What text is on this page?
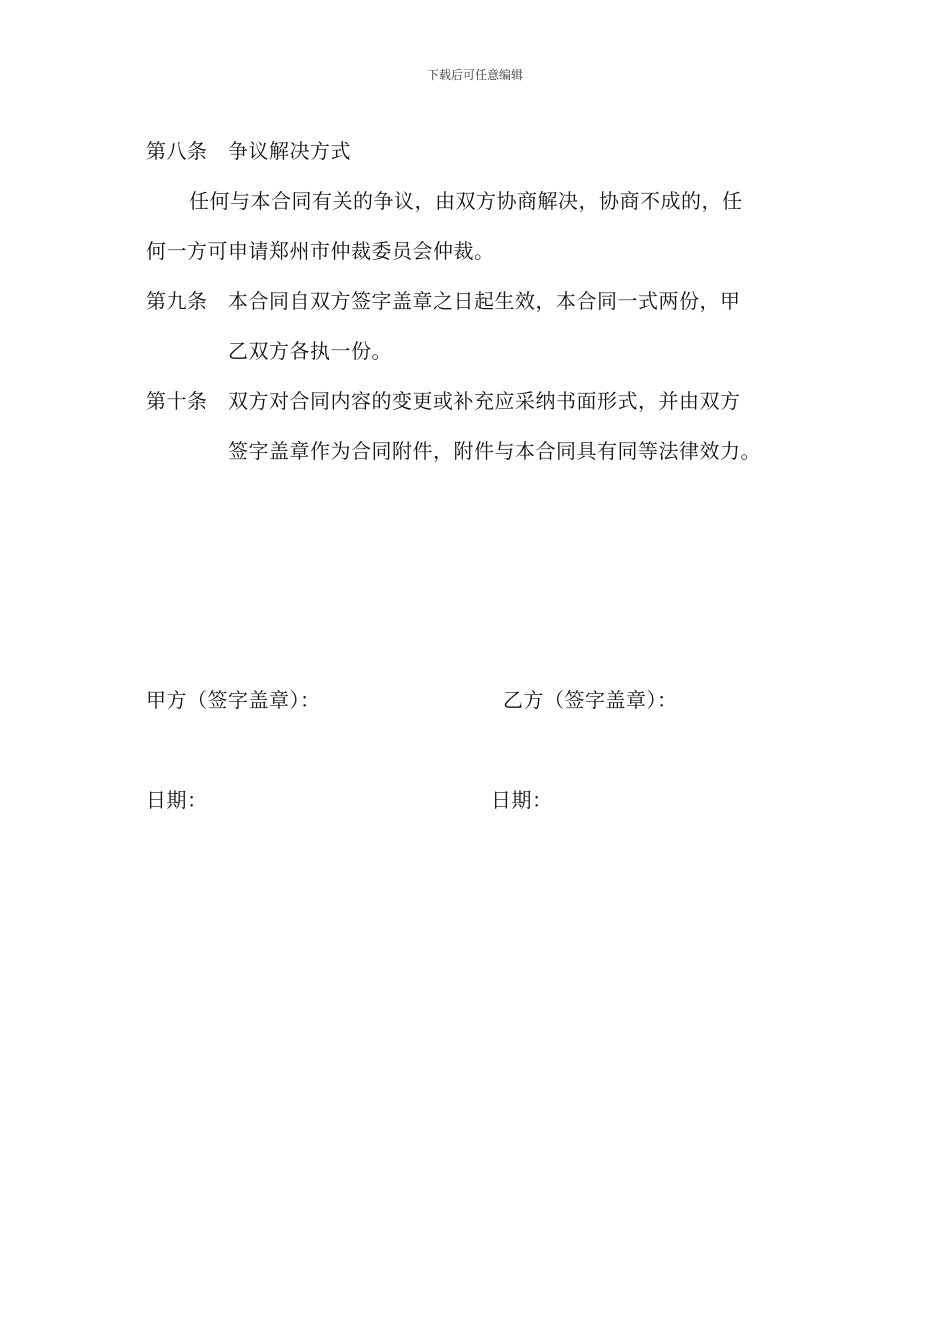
下载后可任意编辑
第八条 争议解决方式
任何与本合同有关的争议，由双方协商解决，协商不成的，任
何一方可申请郑州市仲裁委员会仲裁。
第九条 本合同自双方签字盖章之日起生效，本合同一式两份，甲
乙双方各执一份。
第十条 双方对合同内容的变更或补充应采纳书面形式，并由双方
签字盖章作为合同附件，附件与本合同具有同等法律效力。
甲方（签字盖章）：	乙方（签字盖章）：
日期：	日期：
